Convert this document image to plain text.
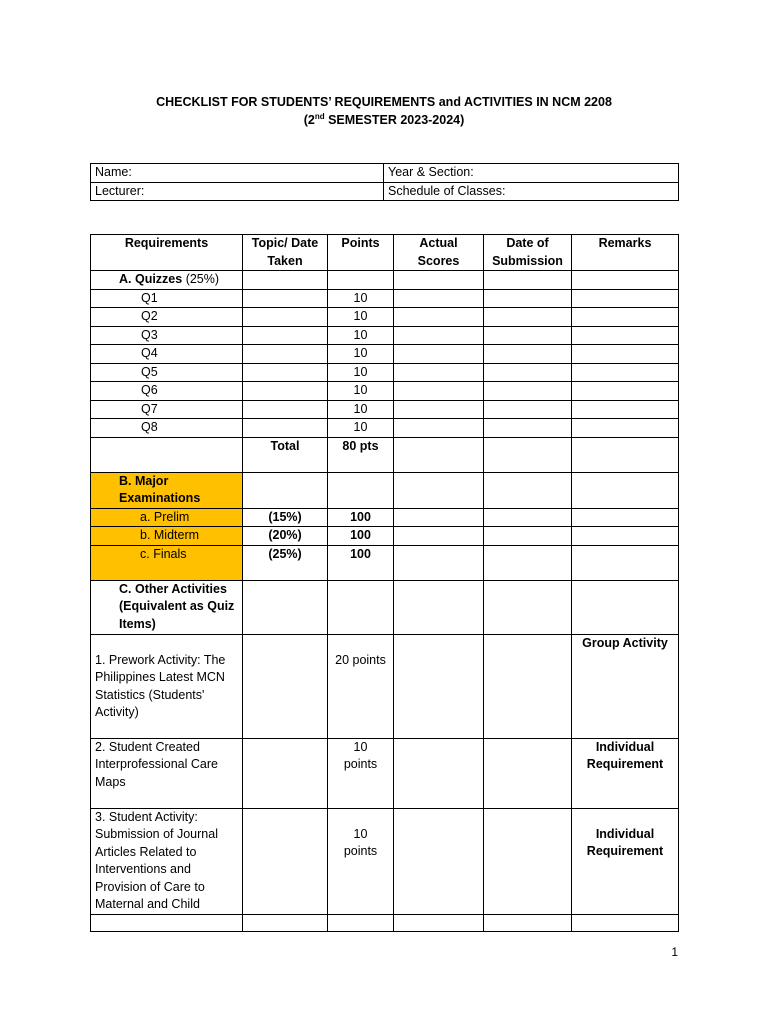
CHECKLIST FOR STUDENTS’ REQUIREMENTS and ACTIVITIES IN NCM 2208
(2nd SEMESTER 2023-2024)
Name:	Year & Section:
Lecturer:	Schedule of Classes:
Requirements	Topic/ Date Taken	Points	Actual Scores	Date of Submission	Remarks
A. Quizzes (25%)					
Q1		10			
Q2		10			
Q3		10			
Q4		10			
Q5		10			
Q6		10			
Q7		10			
Q8		10			
	Total	80 pts			
B. Major Examinations					
a. Prelim	(15%)	100			
b. Midterm	(20%)	100			
c. Finals	(25%)	100			
C. Other Activities (Equivalent as Quiz Items)					
1. Prework Activity: The Philippines Latest MCN Statistics (Students' Activity)		20 points			Group Activity
2. Student Created Interprofessional Care Maps		10 points			Individual Requirement
3. Student Activity: Submission of Journal Articles Related to Interventions and Provision of Care to Maternal and Child		10 points			Individual Requirement

1
